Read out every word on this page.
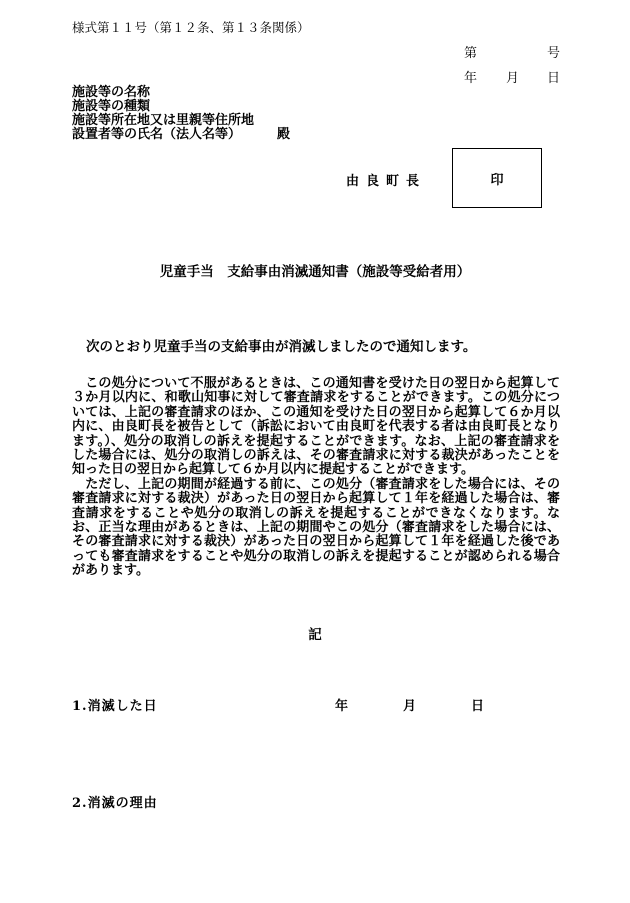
様式第１１号（第１２条、第１３条関係）
第	号
年 月 日
施設等の名称
施設等の種類
施設等所在地又は里親等住所地
設置者等の氏名（法人名等）	殿
由良町長	印
児童手当　支給事由消滅通知書（施設等受給者用）
次のとおり児童手当の支給事由が消滅しましたので通知します。

　この処分について不服があるときは、この通知書を受けた日の翌日から起算して３か月以内に、和歌山知事に対して審査請求をすることができます。この処分については、上記の審査請求のほか、この通知を受けた日の翌日から起算して６か月以内に、由良町長を被告として（訴訟において由良町を代表する者は由良町長となります。）、処分の取消しの訴えを提起することができます。なお、上記の審査請求をした場合には、処分の取消しの訴えは、その審査請求に対する裁決があったことを知った日の翌日から起算して６か月以内に提起することができます。

　ただし、上記の期間が経過する前に、この処分（審査請求をした場合には、その審査請求に対する裁決）があった日の翌日から起算して１年を経過した場合は、審査請求をすることや処分の取消しの訴えを提起することができなくなります。なお、正当な理由があるときは、上記の期間やこの処分（審査請求をした場合には、その審査請求に対する裁決）があった日の翌日から起算して１年を経過した後であっても審査請求をすることや処分の取消しの訴えを提起することが認められる場合があります。

記
1.消滅した日	年	月	日
2.消滅の理由
